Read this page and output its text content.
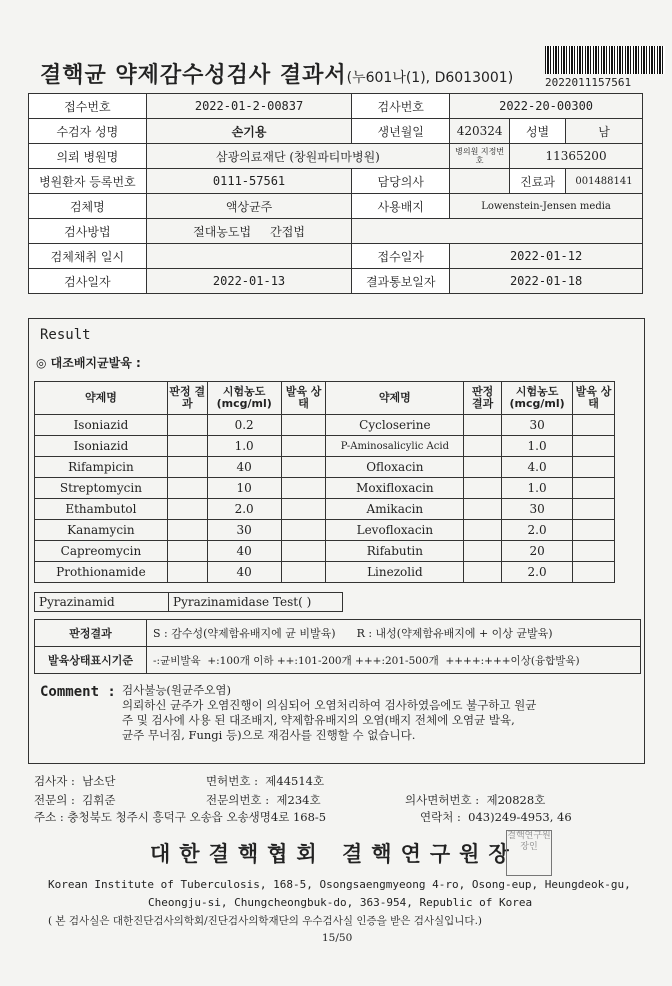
결핵균 약제감수성검사 결과서(누601나(1), D6013001)	2022011157561
접수번호	2022-01-2-00837	검사번호	2022-20-00300		
수검자 성명	손기용	생년월일	420324	성별	남
의뢰 병원명	삼광의료재단 (창원파티마병원)		병의원 지정번호	11365200	
병원환자 등록번호	0111-57561	담당의사		진료과	001488141
검체명	액상균주	사용배지	Lowenstein-Jensen media		
검사방법	절대농도법 간접법				
검체채취 일시		접수일자	2022-01-12		
검사일자	2022-01-13	결과통보일자	2022-01-18		
Result
◎ 대조배지균발육 :
약제명	판정 결과	시험농도 (mcg/ml)	발육 상태	약제명	판정 결과	시험농도 (mcg/ml)	발육 상태
Isoniazid		0.2		Cycloserine		30	
Isoniazid		1.0		P-Aminosalicylic Acid		1.0	
Rifampicin		40		Ofloxacin		4.0	
Streptomycin		10		Moxifloxacin		1.0	
Ethambutol		2.0		Amikacin		30	
Kanamycin		30		Levofloxacin		2.0	
Capreomycin		40		Rifabutin		20	
Prothionamide		40		Linezolid		2.0	
Pyrazinamid	Pyrazinamidase Test( )
판정결과	S : 감수성(약제함유배지에 균 비발육) R : 내성(약제함유배지에 + 이상 균발육)
발육상태표시기준	-:균비발육  +:100개 이하 ++:101-200개 +++:201-500개  ++++:+++이상(융합발육)
Comment : 검사불능(원균주오염)
의뢰하신 균주가 오염진행이 의심되어 오염처리하여 검사하였음에도 불구하고 원균
주 및 검사에 사용 된 대조배지, 약제함유배지의 오염(배지 전체에 오염균 발육,
균주 무너짐, Fungi 등)으로 재검사를 진행할 수 없습니다.
검사자 : 남소단	면허번호 : 제44514호
전문의 : 김휘준	전문의번호 : 제234호	의사면허번호 : 제20828호
주소 : 충청북도 청주시 흥덕구 오송읍 오송생명4로 168-5	연락처 : 043)249-4953, 46
대한결핵협회 결핵연구원장
결핵연구원장인
Korean Institute of Tuberculosis, 168-5, Osongsaengmyeong 4-ro, Osong-eup, Heungdeok-gu,
Cheongju-si, Chungcheongbuk-do, 363-954, Republic of Korea
( 본 검사실은 대한진단검사의학회/진단검사의학재단의 우수검사실 인증을 받은 검사실입니다.)
15/50
